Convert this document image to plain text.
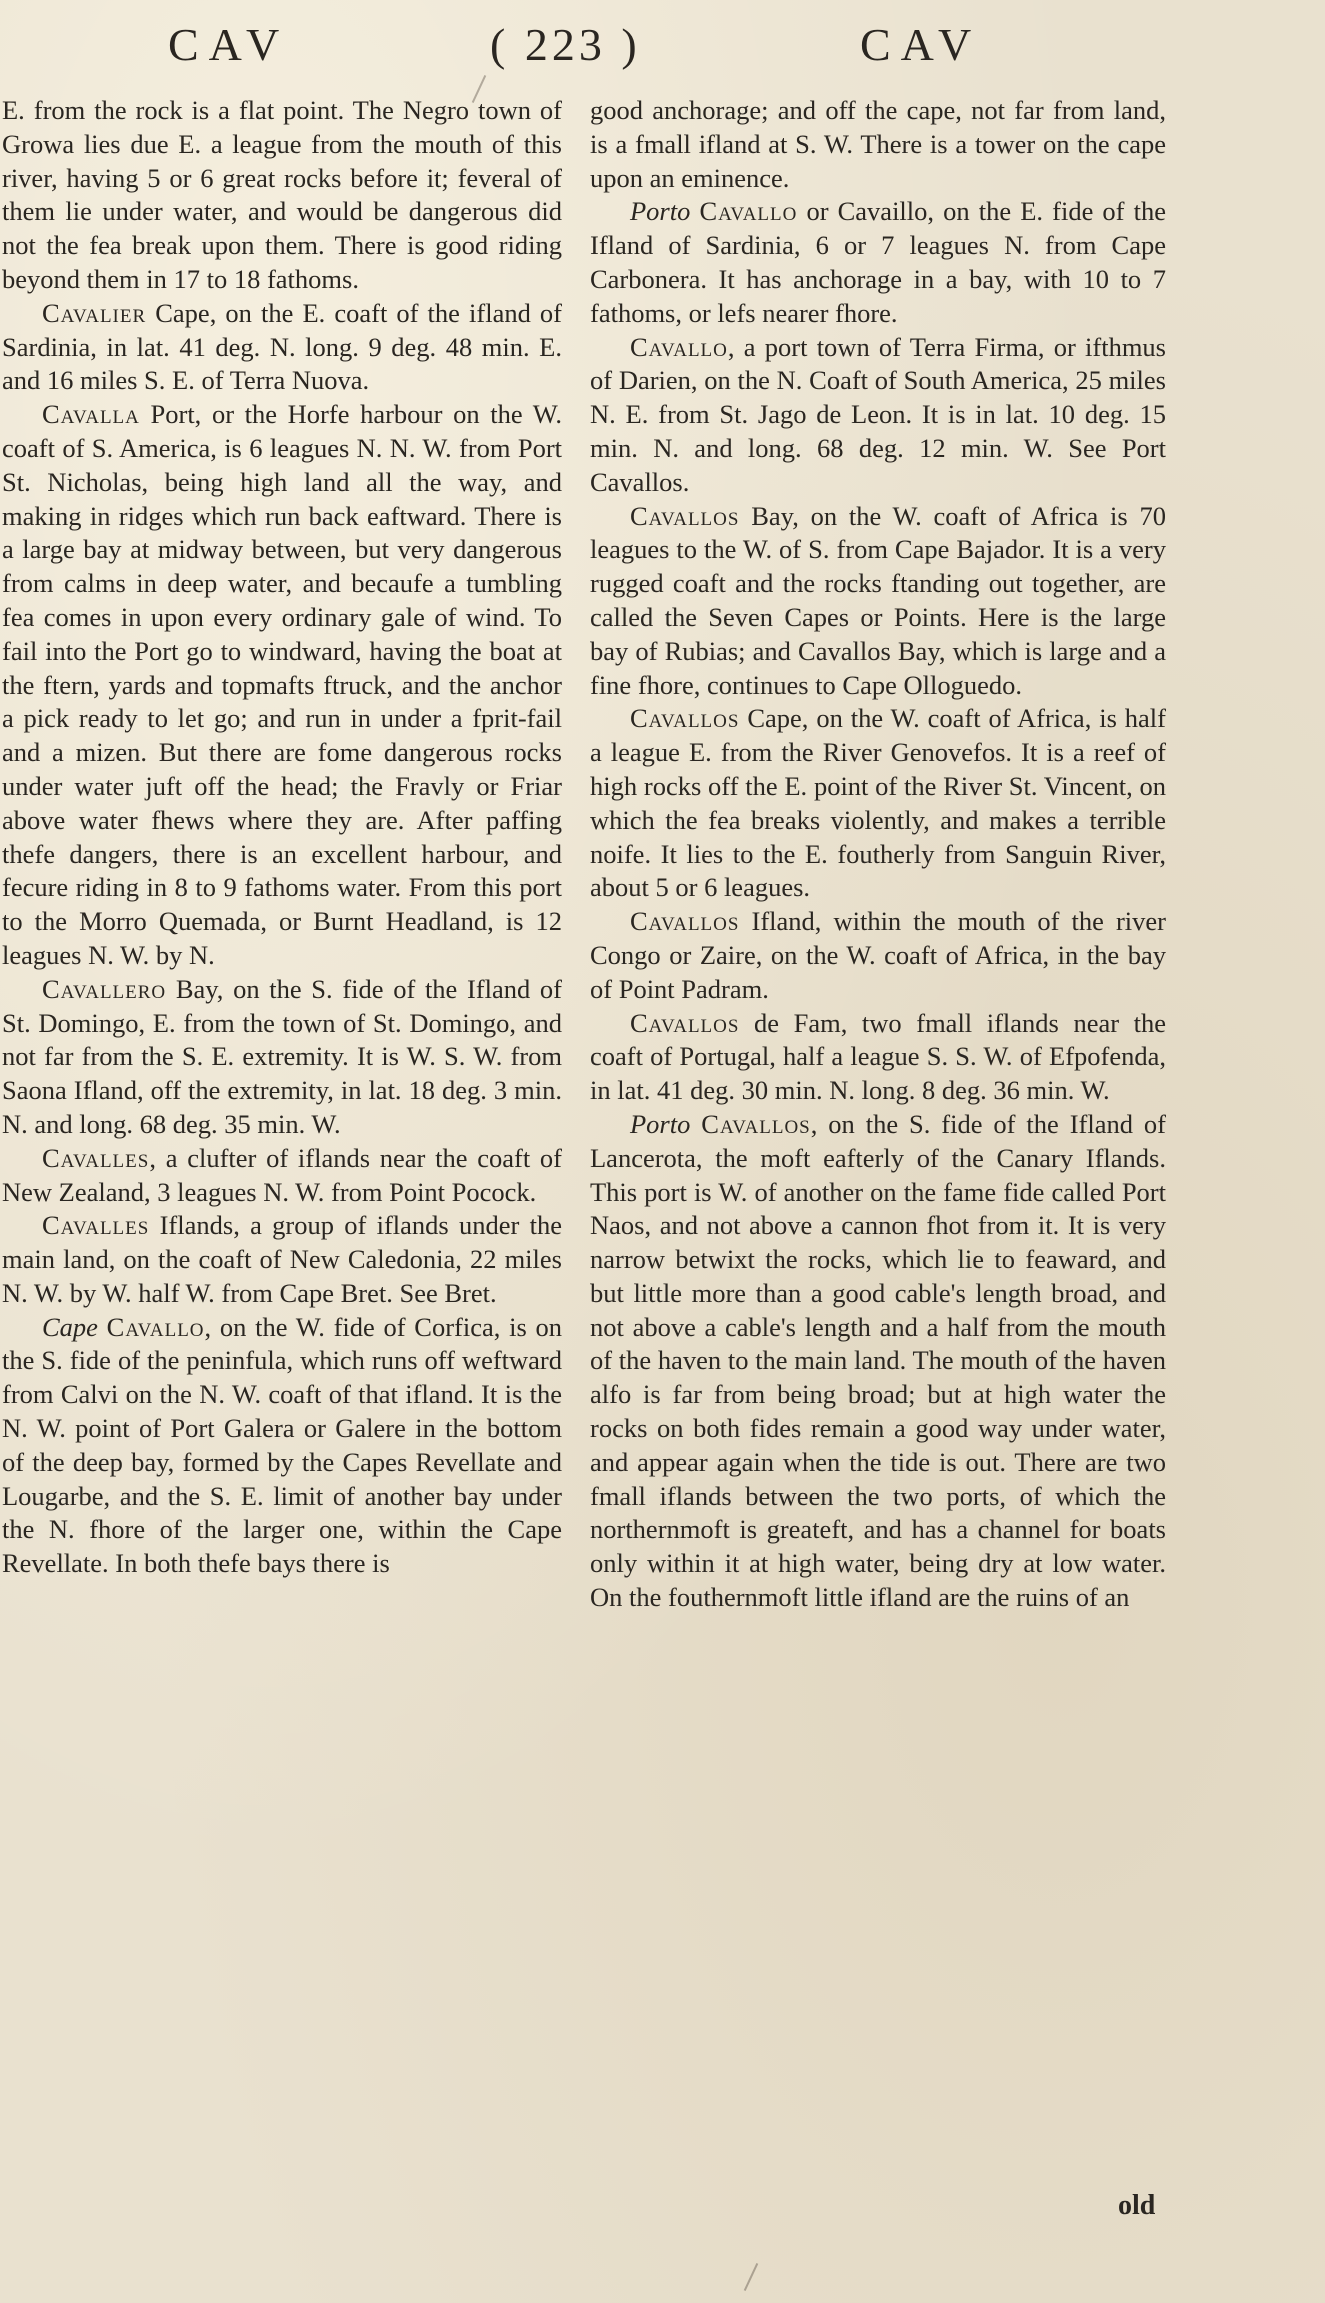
CAV	( 223 )	CAV

E. from the rock is a flat point. The Negro town of Growa lies due E. a league from the mouth of this river, having 5 or 6 great rocks before it; feveral of them lie under water, and would be dangerous did not the fea break upon them. There is good riding beyond them in 17 to 18 fathoms.

Cavalier Cape, on the E. coaft of the ifland of Sardinia, in lat. 41 deg. N. long. 9 deg. 48 min. E. and 16 miles S. E. of Terra Nuova.

Cavalla Port, or the Horfe harbour on the W. coaft of S. America, is 6 leagues N. N. W. from Port St. Nicholas, being high land all the way, and making in ridges which run back eaftward. There is a large bay at midway between, but very dangerous from calms in deep water, and becaufe a tumbling fea comes in upon every ordinary gale of wind. To fail into the Port go to windward, having the boat at the ftern, yards and topmafts ftruck, and the anchor a pick ready to let go; and run in under a fprit-fail and a mizen. But there are fome dangerous rocks under water juft off the head; the Fravly or Friar above water fhews where they are. After paffing thefe dangers, there is an excellent harbour, and fecure riding in 8 to 9 fathoms water. From this port to the Morro Quemada, or Burnt Headland, is 12 leagues N. W. by N.

Cavallero Bay, on the S. fide of the Ifland of St. Domingo, E. from the town of St. Domingo, and not far from the S. E. extremity. It is W. S. W. from Saona Ifland, off the extremity, in lat. 18 deg. 3 min. N. and long. 68 deg. 35 min. W.

Cavalles, a clufter of iflands near the coaft of New Zealand, 3 leagues N. W. from Point Pocock.

Cavalles Iflands, a group of iflands under the main land, on the coaft of New Caledonia, 22 miles N. W. by W. half W. from Cape Bret. See Bret.

Cape Cavallo, on the W. fide of Corfica, is on the S. fide of the peninfula, which runs off weftward from Calvi on the N. W. coaft of that ifland. It is the N. W. point of Port Galera or Galere in the bottom of the deep bay, formed by the Capes Revellate and Lougarbe, and the S. E. limit of another bay under the N. fhore of the larger one, within the Cape Revellate. In both thefe bays there is

good anchorage; and off the cape, not far from land, is a fmall ifland at S. W. There is a tower on the cape upon an eminence.

Porto Cavallo or Cavaillo, on the E. fide of the Ifland of Sardinia, 6 or 7 leagues N. from Cape Carbonera. It has anchorage in a bay, with 10 to 7 fathoms, or lefs nearer fhore.

Cavallo, a port town of Terra Firma, or ifthmus of Darien, on the N. Coaft of South America, 25 miles N. E. from St. Jago de Leon. It is in lat. 10 deg. 15 min. N. and long. 68 deg. 12 min. W. See Port Cavallos.

Cavallos Bay, on the W. coaft of Africa is 70 leagues to the W. of S. from Cape Bajador. It is a very rugged coaft and the rocks ftanding out together, are called the Seven Capes or Points. Here is the large bay of Rubias; and Cavallos Bay, which is large and a fine fhore, continues to Cape Olloguedo.

Cavallos Cape, on the W. coaft of Africa, is half a league E. from the River Genovefos. It is a reef of high rocks off the E. point of the River St. Vincent, on which the fea breaks violently, and makes a terrible noife. It lies to the E. foutherly from Sanguin River, about 5 or 6 leagues.

Cavallos Ifland, within the mouth of the river Congo or Zaire, on the W. coaft of Africa, in the bay of Point Padram.

Cavallos de Fam, two fmall iflands near the coaft of Portugal, half a league S. S. W. of Efpofenda, in lat. 41 deg. 30 min. N. long. 8 deg. 36 min. W.

Porto Cavallos, on the S. fide of the Ifland of Lancerota, the moft eafterly of the Canary Iflands. This port is W. of another on the fame fide called Port Naos, and not above a cannon fhot from it. It is very narrow betwixt the rocks, which lie to feaward, and but little more than a good cable's length broad, and not above a cable's length and a half from the mouth of the haven to the main land. The mouth of the haven alfo is far from being broad; but at high water the rocks on both fides remain a good way under water, and appear again when the tide is out. There are two fmall iflands between the two ports, of which the northernmoft is greateft, and has a channel for boats only within it at high water, being dry at low water. On the fouthernmoft little ifland are the ruins of an

old
